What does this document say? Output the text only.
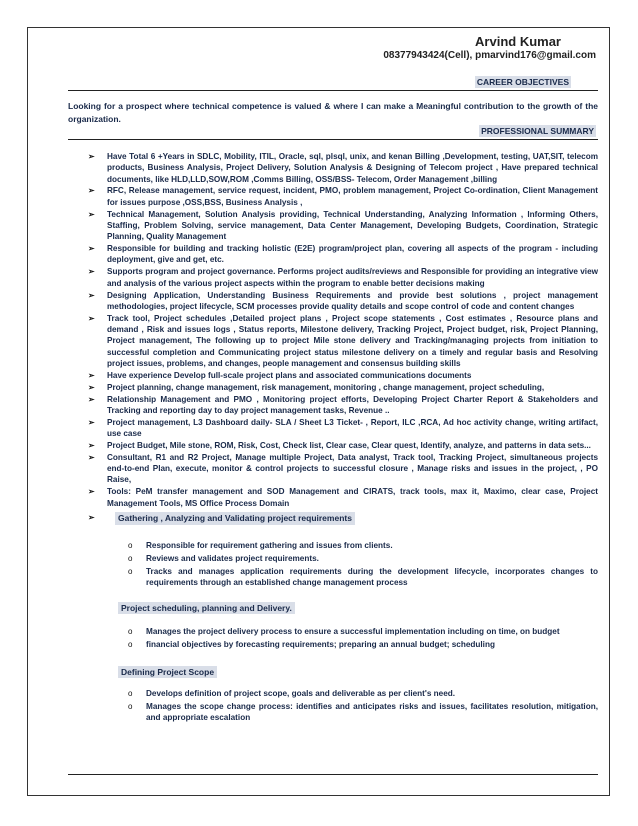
Arvind Kumar
08377943424(Cell), pmarvind176@gmail.com
CAREER OBJECTIVES
Looking for a prospect where technical competence is valued & where I can make a Meaningful contribution to the growth of the organization.
PROFESSIONAL SUMMARY
➢ Have Total 6 +Years in SDLC, Mobility, ITIL, Oracle, sql, plsql, unix, and kenan Billing ,Development, testing, UAT,SIT, telecom products, Business Analysis, Project Delivery, Solution Analysis & Designing of Telecom project , Have prepared technical documents, like HLD,LLD,SOW,ROM ,Comms Billing, OSS/BSS- Telecom, Order Management ,billing
➢ RFC, Release management, service request, incident, PMO, problem management, Project Co-ordination, Client Management for issues purpose ,OSS,BSS, Business Analysis ,
➢ Technical Management, Solution Analysis providing, Technical Understanding, Analyzing Information , Informing Others, Staffing, Problem Solving, service management, Data Center Management, Developing Budgets, Coordination, Strategic Planning, Quality Management
➢ Responsible for building and tracking holistic (E2E) program/project plan, covering all aspects of the program - including deployment, give and get, etc.
➢ Supports program and project governance. Performs project audits/reviews and Responsible for providing an integrative view and analysis of the various project aspects within the program to enable better decisions making
➢ Designing Application, Understanding Business Requirements and provide best solutions , project management methodologies, project lifecycle, SCM processes provide quality details and scope control of code and content changes
➢ Track tool, Project schedules ,Detailed project plans , Project scope statements , Cost estimates , Resource plans and demand , Risk and issues logs , Status reports, Milestone delivery, Tracking Project, Project budget, risk, Project Planning, Project management, The following up to project Mile stone delivery and Tracking/managing projects from initiation to successful completion and Communicating project status milestone delivery on a timely and regular basis and Resolving project issues, problems, and changes, people management and consensus building skills
➢ Have experience Develop full-scale project plans and associated communications documents
➢ Project planning, change management, risk management, monitoring , change management, project scheduling,
➢ Relationship Management and PMO , Monitoring project efforts, Developing Project Charter Report & Stakeholders and Tracking and reporting day to day project management tasks, Revenue ..
➢ Project management, L3 Dashboard daily- SLA / Sheet L3 Ticket- , Report, ILC ,RCA, Ad hoc activity change, writing artifact, use case
➢ Project Budget, Mile stone, ROM, Risk, Cost, Check list, Clear case, Clear quest, Identify, analyze, and patterns in data sets...
➢ Consultant, R1 and R2 Project, Manage multiple Project, Data analyst, Track tool, Tracking Project, simultaneous projects end-to-end Plan, execute, monitor & control projects to successful closure , Manage risks and issues in the project, , PO Raise,
➢ Tools: PeM transfer management and SOD Management and CIRATS, track tools, max it, Maximo, clear case, Project Management Tools, MS Office Process Domain
➢	Gathering , Analyzing and Validating project requirements
o Responsible for requirement gathering and issues from clients.
o Reviews and validates project requirements.
o Tracks and manages application requirements during the development lifecycle, incorporates changes to requirements through an established change management process
Project scheduling, planning and Delivery.
o Manages the project delivery process to ensure a successful implementation including on time, on budget
o financial objectives by forecasting requirements; preparing an annual budget; scheduling
Defining Project Scope
o Develops definition of project scope, goals and deliverable as per client's need.
o Manages the scope change process: identifies and anticipates risks and issues, facilitates resolution, mitigation, and appropriate escalation
